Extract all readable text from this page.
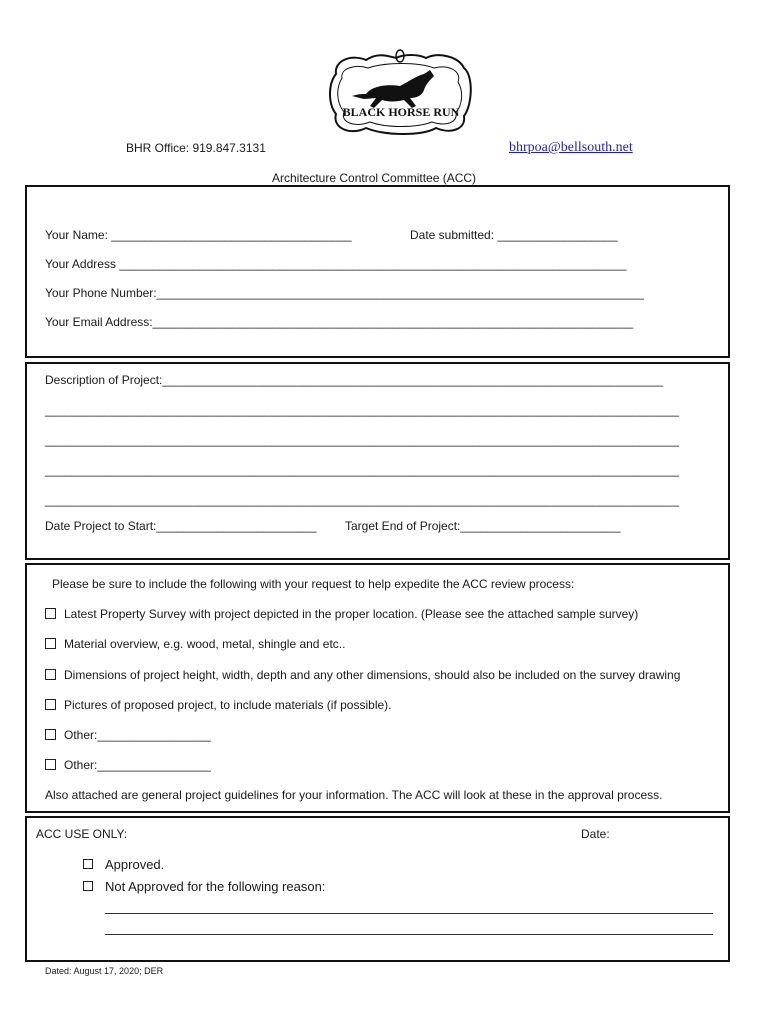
BLACK HORSE RUN
BHR Office: 919.847.3131	bhrpoa@bellsouth.net
Architecture Control Committee (ACC)
Your Name: ____________________________________	Date submitted: __________________
Your Address ____________________________________________________________________________
Your Phone Number:_________________________________________________________________________
Your Email Address:________________________________________________________________________
Description of Project:___________________________________________________________________________
_______________________________________________________________________________________________
_______________________________________________________________________________________________
_______________________________________________________________________________________________
_______________________________________________________________________________________________
Date Project to Start:________________________ Target End of Project:________________________
Please be sure to include the following with your request to help expedite the ACC review process:
Latest Property Survey with project depicted in the proper location. (Please see the attached sample survey)
Material overview, e.g. wood, metal, shingle and etc..
Dimensions of project height, width, depth and any other dimensions, should also be included on the survey drawing
Pictures of proposed project, to include materials (if possible).
Other:_________________
Other:_________________
Also attached are general project guidelines for your information. The ACC will look at these in the approval process.
ACC USE ONLY:	Date:
Approved.
Not Approved for the following reason:
Dated: August 17, 2020; DER
